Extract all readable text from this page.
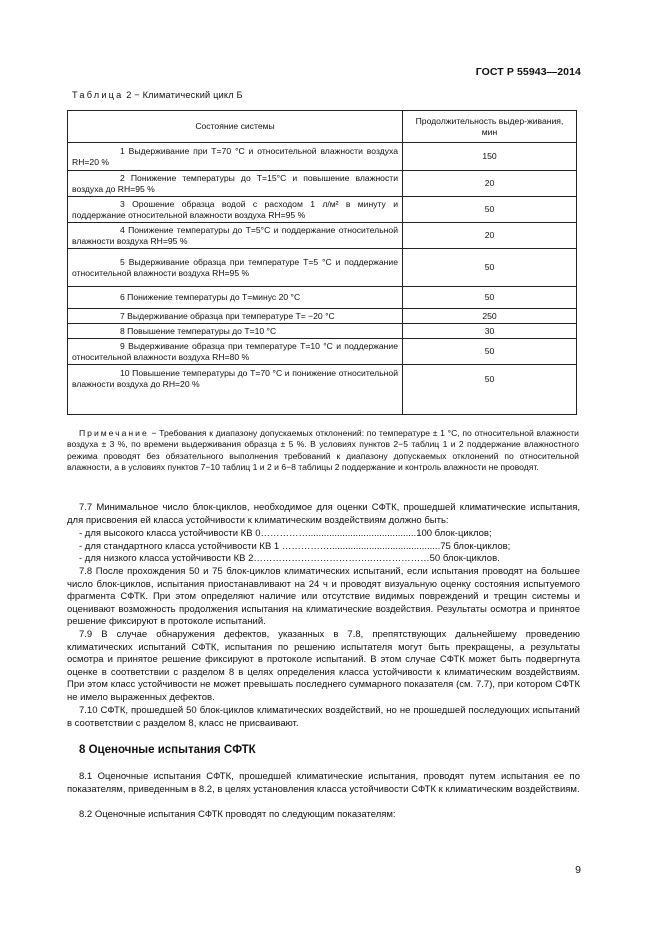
ГОСТ Р 55943—2014
Таблица 2 − Климатический цикл Б
Состояние системы	Продолжительность выдер-живания, мин

1 Выдерживание при Т=70 °С и относительной влажности воздуха RH=20 %	150

2 Понижение температуры до Т=15°С и повышение влажности воздуха до RH=95 %	20

3 Орошение образца водой с расходом 1 л/м² в минуту и поддержание относительной влажности воздуха RH=95 %	50

4 Понижение температуры до Т=5°С и поддержание относительной влажности воздуха RH=95 %	20

5 Выдерживание образца при температуре Т=5 °С и поддержание относительной влажности воздуха RH=95 %	50

6 Понижение температуры до Т=минус 20 °С	50

7 Выдерживание образца при температуре Т= −20 °С	250

8 Повышение температуры до Т=10 °С	30

9 Выдерживание образца при температуре Т=10 °С и поддержание относительной влажности воздуха RH=80 %	50

10 Повышение температуры до Т=70 °С и понижение относительной влажности воздуха до RH=20 %	50
Примечание − Требования к диапазону допускаемых отклонений: по температуре ± 1 °С, по относительной влажности воздуха ± 3 %, по времени выдерживания образца ± 5 %. В условиях пунктов 2−5 таблиц 1 и 2 поддержание влажностного режима проводят без обязательного выполнения требований к диапазону допускаемых отклонений по относительной влажности, а в условиях пунктов 7−10 таблиц 1 и 2 и 6−8 таблицы 2 поддержание и контроль влажности не проводят.
7.7 Минимальное число блок-циклов, необходимое для оценки СФТК, прошедшей климатические испытания, для присвоения ей класса устойчивости к климатическим воздействиям должно быть:
- для высокого класса устойчивости КВ 0…………….........................................100 блок-циклов;
- для стандартного класса устойчивости КВ 1 ……………..........................................75 блок-циклов;
- для низкого класса устойчивости КВ 2………………………………..………………50 блок-циклов.
7.8 После прохождения 50 и 75 блок-циклов климатических испытаний, если испытания проводят на большее число блок-циклов, испытания приостанавливают на 24 ч и проводят визуальную оценку состояния испытуемого фрагмента СФТК. При этом определяют наличие или отсутствие видимых повреждений и трещин системы и оценивают возможность продолжения испытания на климатические воздействия. Результаты осмотра и принятое решение фиксируют в протоколе испытаний.
7.9 В случае обнаружения дефектов, указанных в 7.8, препятствующих дальнейшему проведению климатических испытаний СФТК, испытания по решению испытателя могут быть прекращены, а результаты осмотра и принятое решение фиксируют в протоколе испытаний. В этом случае СФТК может быть подвергнута оценке в соответствии с разделом 8 в целях определения класса устойчивости к климатическим воздействиям. При этом класс устойчивости не может превышать последнего суммарного показателя (см. 7.7), при котором СФТК не имело выраженных дефектов.
7.10 СФТК, прошедшей 50 блок-циклов климатических воздействий, но не прошедшей последующих испытаний в соответствии с разделом 8, класс не присваивают.
8 Оценочные испытания СФТК
8.1 Оценочные испытания СФТК, прошедшей климатические испытания, проводят путем испытания ее по показателям, приведенным в 8.2, в целях установления класса устойчивости СФТК к климатическим воздействиям.
8.2 Оценочные испытания СФТК проводят по следующим показателям:
9
